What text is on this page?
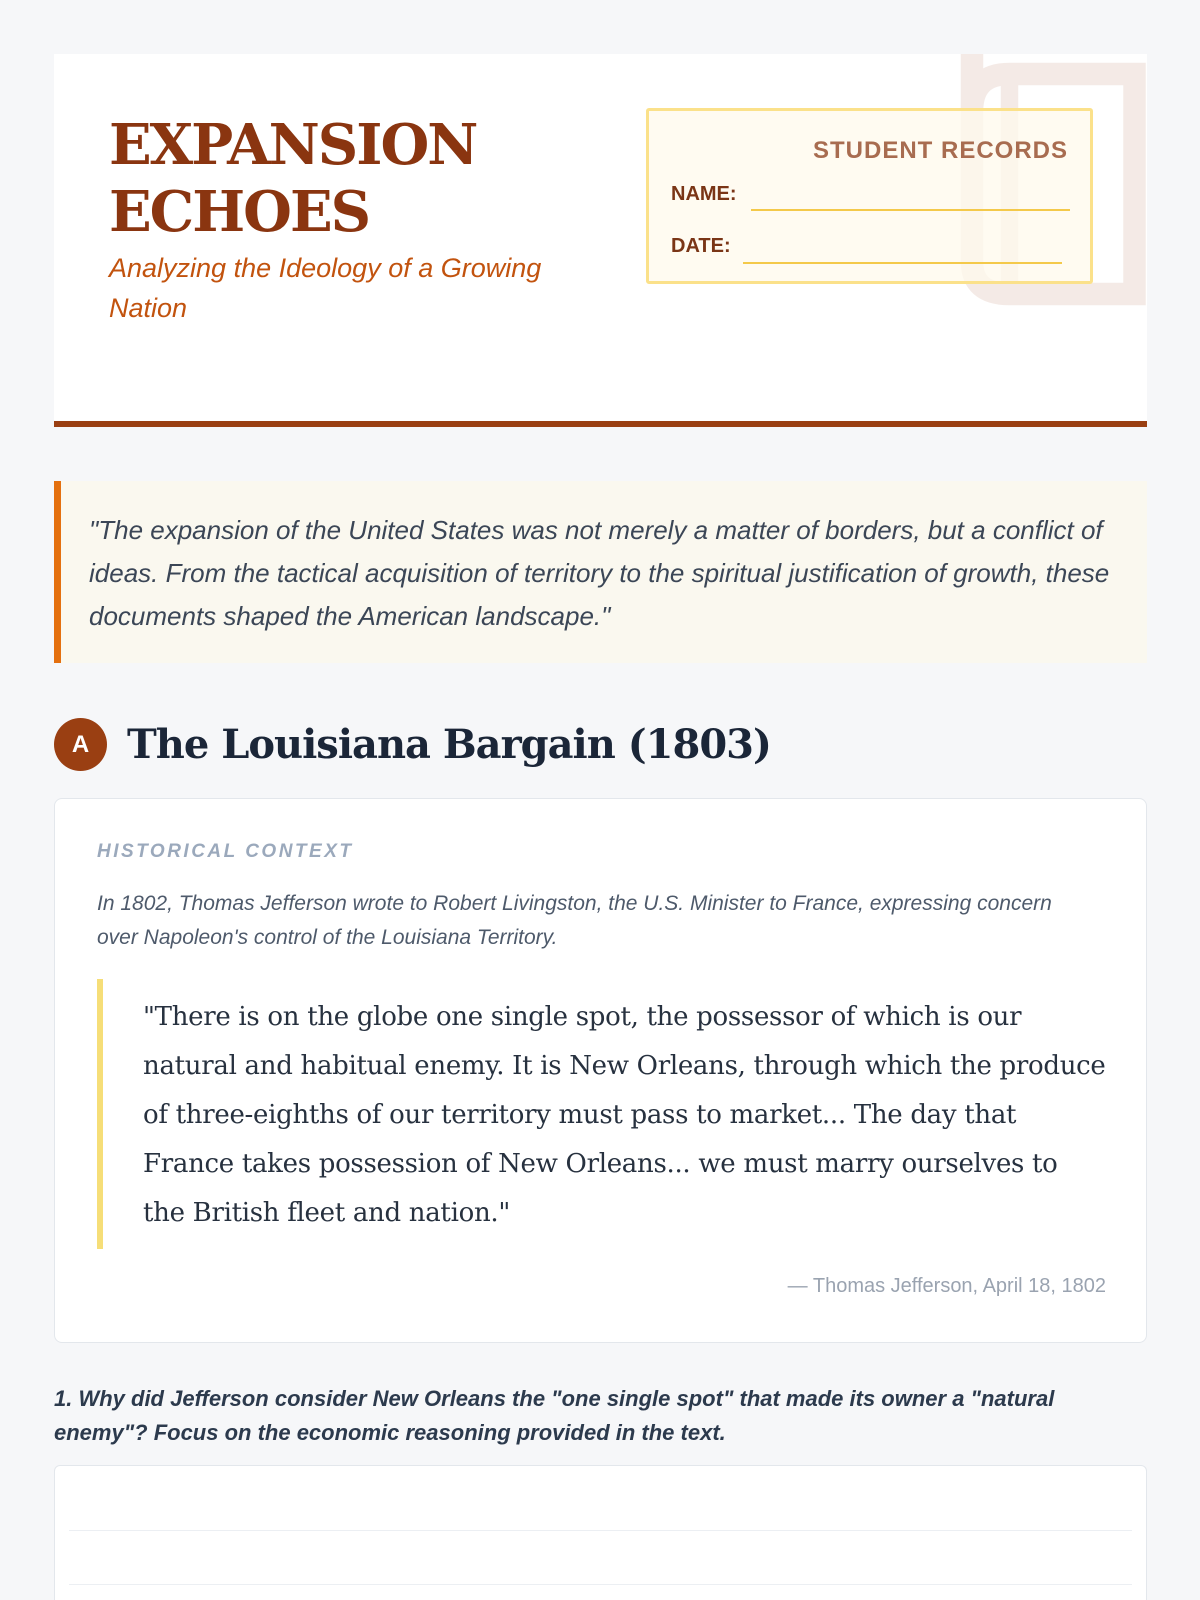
EXPANSION
ECHOES
Analyzing the Ideology of a Growing Nation
STUDENT RECORDS
NAME:
DATE:

"The expansion of the United States was not merely a matter of borders, but a conflict of ideas. From the tactical acquisition of territory to the spiritual justification of growth, these documents shaped the American landscape."

A The Louisiana Bargain (1803)
HISTORICAL CONTEXT

In 1802, Thomas Jefferson wrote to Robert Livingston, the U.S. Minister to France, expressing concern over Napoleon's control of the Louisiana Territory.

"There is on the globe one single spot, the possessor of which is our natural and habitual enemy. It is New Orleans, through which the produce of three-eighths of our territory must pass to market... The day that France takes possession of New Orleans... we must marry ourselves to the British fleet and nation."

— Thomas Jefferson, April 18, 1802

1. Why did Jefferson consider New Orleans the "one single spot" that made its owner a "natural enemy"? Focus on the economic reasoning provided in the text.
